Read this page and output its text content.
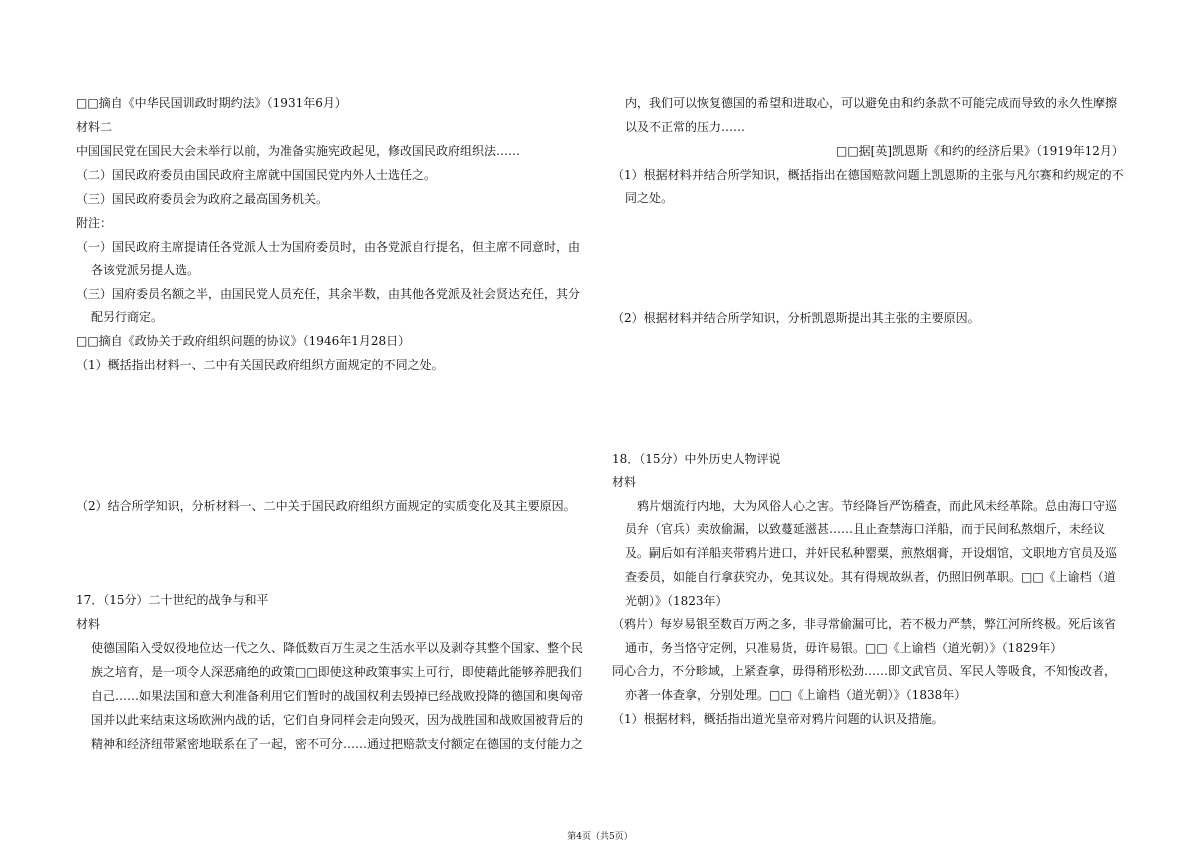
□□摘自《中华民国训政时期约法》（1931年6月）
材料二
中国国民党在国民大会未举行以前，为准备实施宪政起见，修改国民政府组织法……
（二）国民政府委员由国民政府主席就中国国民党内外人士选任之。
（三）国民政府委员会为政府之最高国务机关。
附注：
（一）国民政府主席提请任各党派人士为国府委员时，由各党派自行提名，但主席不同意时，由
各该党派另提人选。
（三）国府委员名额之半，由国民党人员充任，其余半数，由其他各党派及社会贤达充任，其分
配另行商定。
□□摘自《政协关于政府组织问题的协议》（1946年1月28日）
（1）概括指出材料一、二中有关国民政府组织方面规定的不同之处。
（2）结合所学知识，分析材料一、二中关于国民政府组织方面规定的实质变化及其主要原因。
17．（15分）二十世纪的战争与和平
材料
使德国陷入受奴役地位达一代之久、降低数百万生灵之生活水平以及剥夺其整个国家、整个民
族之培育，是一项令人深恶痛绝的政策□□即使这种政策事实上可行，即使藉此能够养肥我们
自己……如果法国和意大利准备利用它们暂时的战国权利去毁掉已经战败投降的德国和奥匈帝
国并以此来结束这场欧洲内战的话，它们自身同样会走向毁灭，因为战胜国和战败国被背后的
精神和经济纽带紧密地联系在了一起，密不可分……通过把赔款支付额定在德国的支付能力之
内，我们可以恢复德国的希望和进取心，可以避免由和约条款不可能完成而导致的永久性摩擦
以及不正常的压力……
□□据[英]凯恩斯《和约的经济后果》（1919年12月）
（1）根据材料并结合所学知识，概括指出在德国赔款问题上凯恩斯的主张与凡尔赛和约规定的不
同之处。
（2）根据材料并结合所学知识，分析凯恩斯提出其主张的主要原因。
18．（15分）中外历史人物评说
材料
鸦片烟流行内地，大为风俗人心之害。节经降旨严饬稽查，而此风未经革除。总由海口守巡
员弁（官兵）卖放偷漏，以致蔓延滋甚……且止查禁海口洋船，而于民间私熬烟斤，未经议
及。嗣后如有洋船夹带鸦片进口，并奸民私种罂粟，煎熬烟膏，开设烟馆，文职地方官员及巡
查委员，如能自行拿获究办，免其议处。其有得规故纵者，仍照旧例革职。□□《上谕档（道
光朝）》（1823年）
（鸦片）每岁易银至数百万两之多，非寻常偷漏可比，若不极力严禁，弊江河所终极。死后该省
通市，务当恪守定例，只准易货，毋许易银。□□《上谕档（道光朝）》（1829年）
同心合力，不分畛域，上紧查拿，毋得稍形松劲……即文武官员、军民人等吸食，不知悛改者，
亦著一体查拿，分别处理。□□《上谕档（道光朝）》（1838年）
（1）根据材料，概括指出道光皇帝对鸦片问题的认识及措施。
第4页（共5页）
